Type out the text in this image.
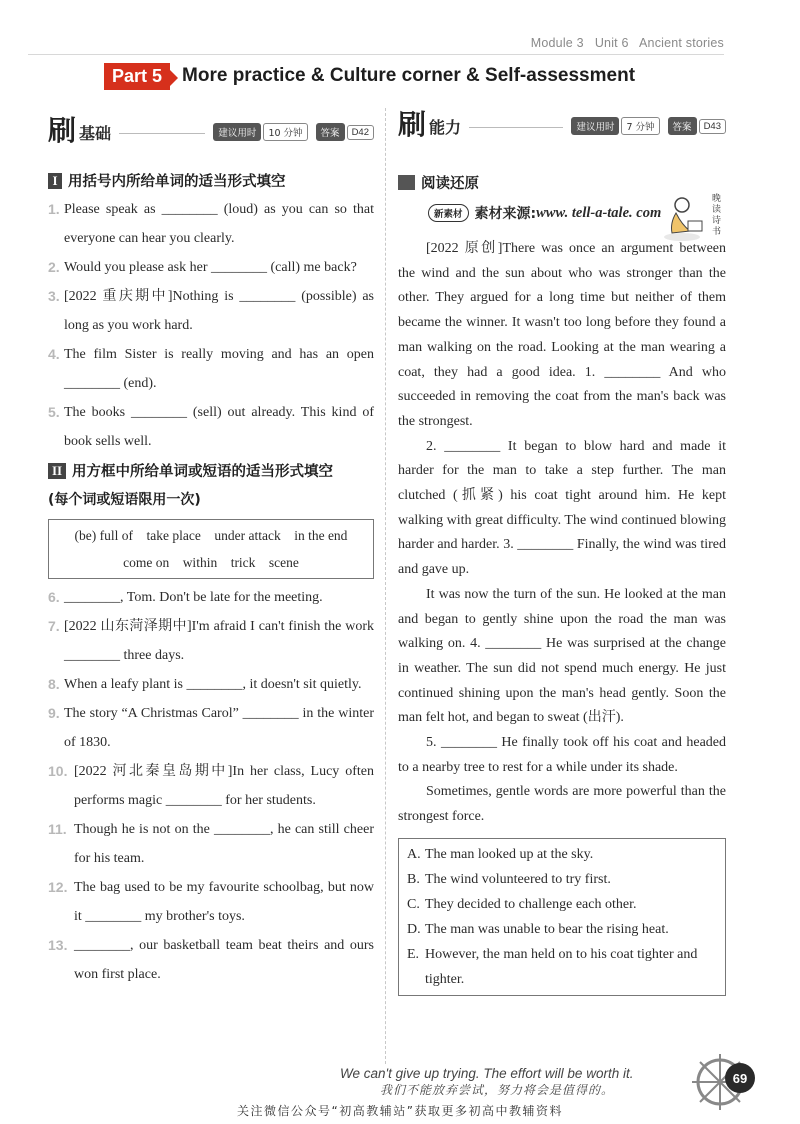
Module 3 Unit 6 Ancient stories
Part 5	More practice & Culture corner & Self-assessment
刷 基础	建议用时	10 分钟	答案	D42
I 用括号内所给单词的适当形式填空
1. Please speak as ________ (loud) as you can so that everyone can hear you clearly.
2. Would you please ask her ________ (call) me back?
3. [2022 重庆期中]Nothing is ________ (possible) as long as you work hard.
4. The film Sister is really moving and has an open ________ (end).
5. The books ________ (sell) out already. This kind of book sells well.
II 用方框中所给单词或短语的适当形式填空
(每个词或短语限用一次)
(be) full of    take place    under attack    in the end
come on    within    trick    scene
6. ________, Tom. Don't be late for the meeting.
7. [2022 山东菏泽期中]I'm afraid I can't finish the work ________ three days.
8. When a leafy plant is ________, it doesn't sit quietly.
9. The story “A Christmas Carol” ________ in the winter of 1830.
10. [2022 河北秦皇岛期中]In her class, Lucy often performs magic ________ for her students.
11. Though he is not on the ________, he can still cheer for his team.
12. The bag used to be my favourite schoolbag, but now it ________ my brother's toys.
13. ________, our basketball team beat theirs and ours won first place.
刷 能力	建议用时	7 分钟	答案	D43
阅读还原
新素材 素材来源: www. tell-a-tale. com
晚
读
诗
书
[2022 原创]There was once an argument between the wind and the sun about who was stronger than the other. They argued for a long time but neither of them became the winner. It wasn't too long before they found a man walking on the road. Looking at the man wearing a coat, they had a good idea. 1. ________ And who succeeded in removing the coat from the man's back was the strongest.
2. ________ It began to blow hard and made it harder for the man to take a step further. The man clutched (抓紧) his coat tight around him. He kept walking with great difficulty. The wind continued blowing harder and harder. 3. ________ Finally, the wind was tired and gave up.
It was now the turn of the sun. He looked at the man and began to gently shine upon the road the man was walking on. 4. ________ He was surprised at the change in weather. The sun did not spend much energy. He just continued shining upon the man's head gently. Soon the man felt hot, and began to sweat (出汗).
5. ________ He finally took off his coat and headed to a nearby tree to rest for a while under its shade.
Sometimes, gentle words are more powerful than the strongest force.
A. The man looked up at the sky.
B. The wind volunteered to try first.
C. They decided to challenge each other.
D. The man was unable to bear the rising heat.
E. However, the man held on to his coat tighter and tighter.
We can't give up trying. The effort will be worth it.
我们不能放弃尝试，努力将会是值得的。
69
关注微信公众号“初高教辅站”获取更多初高中教辅资料
